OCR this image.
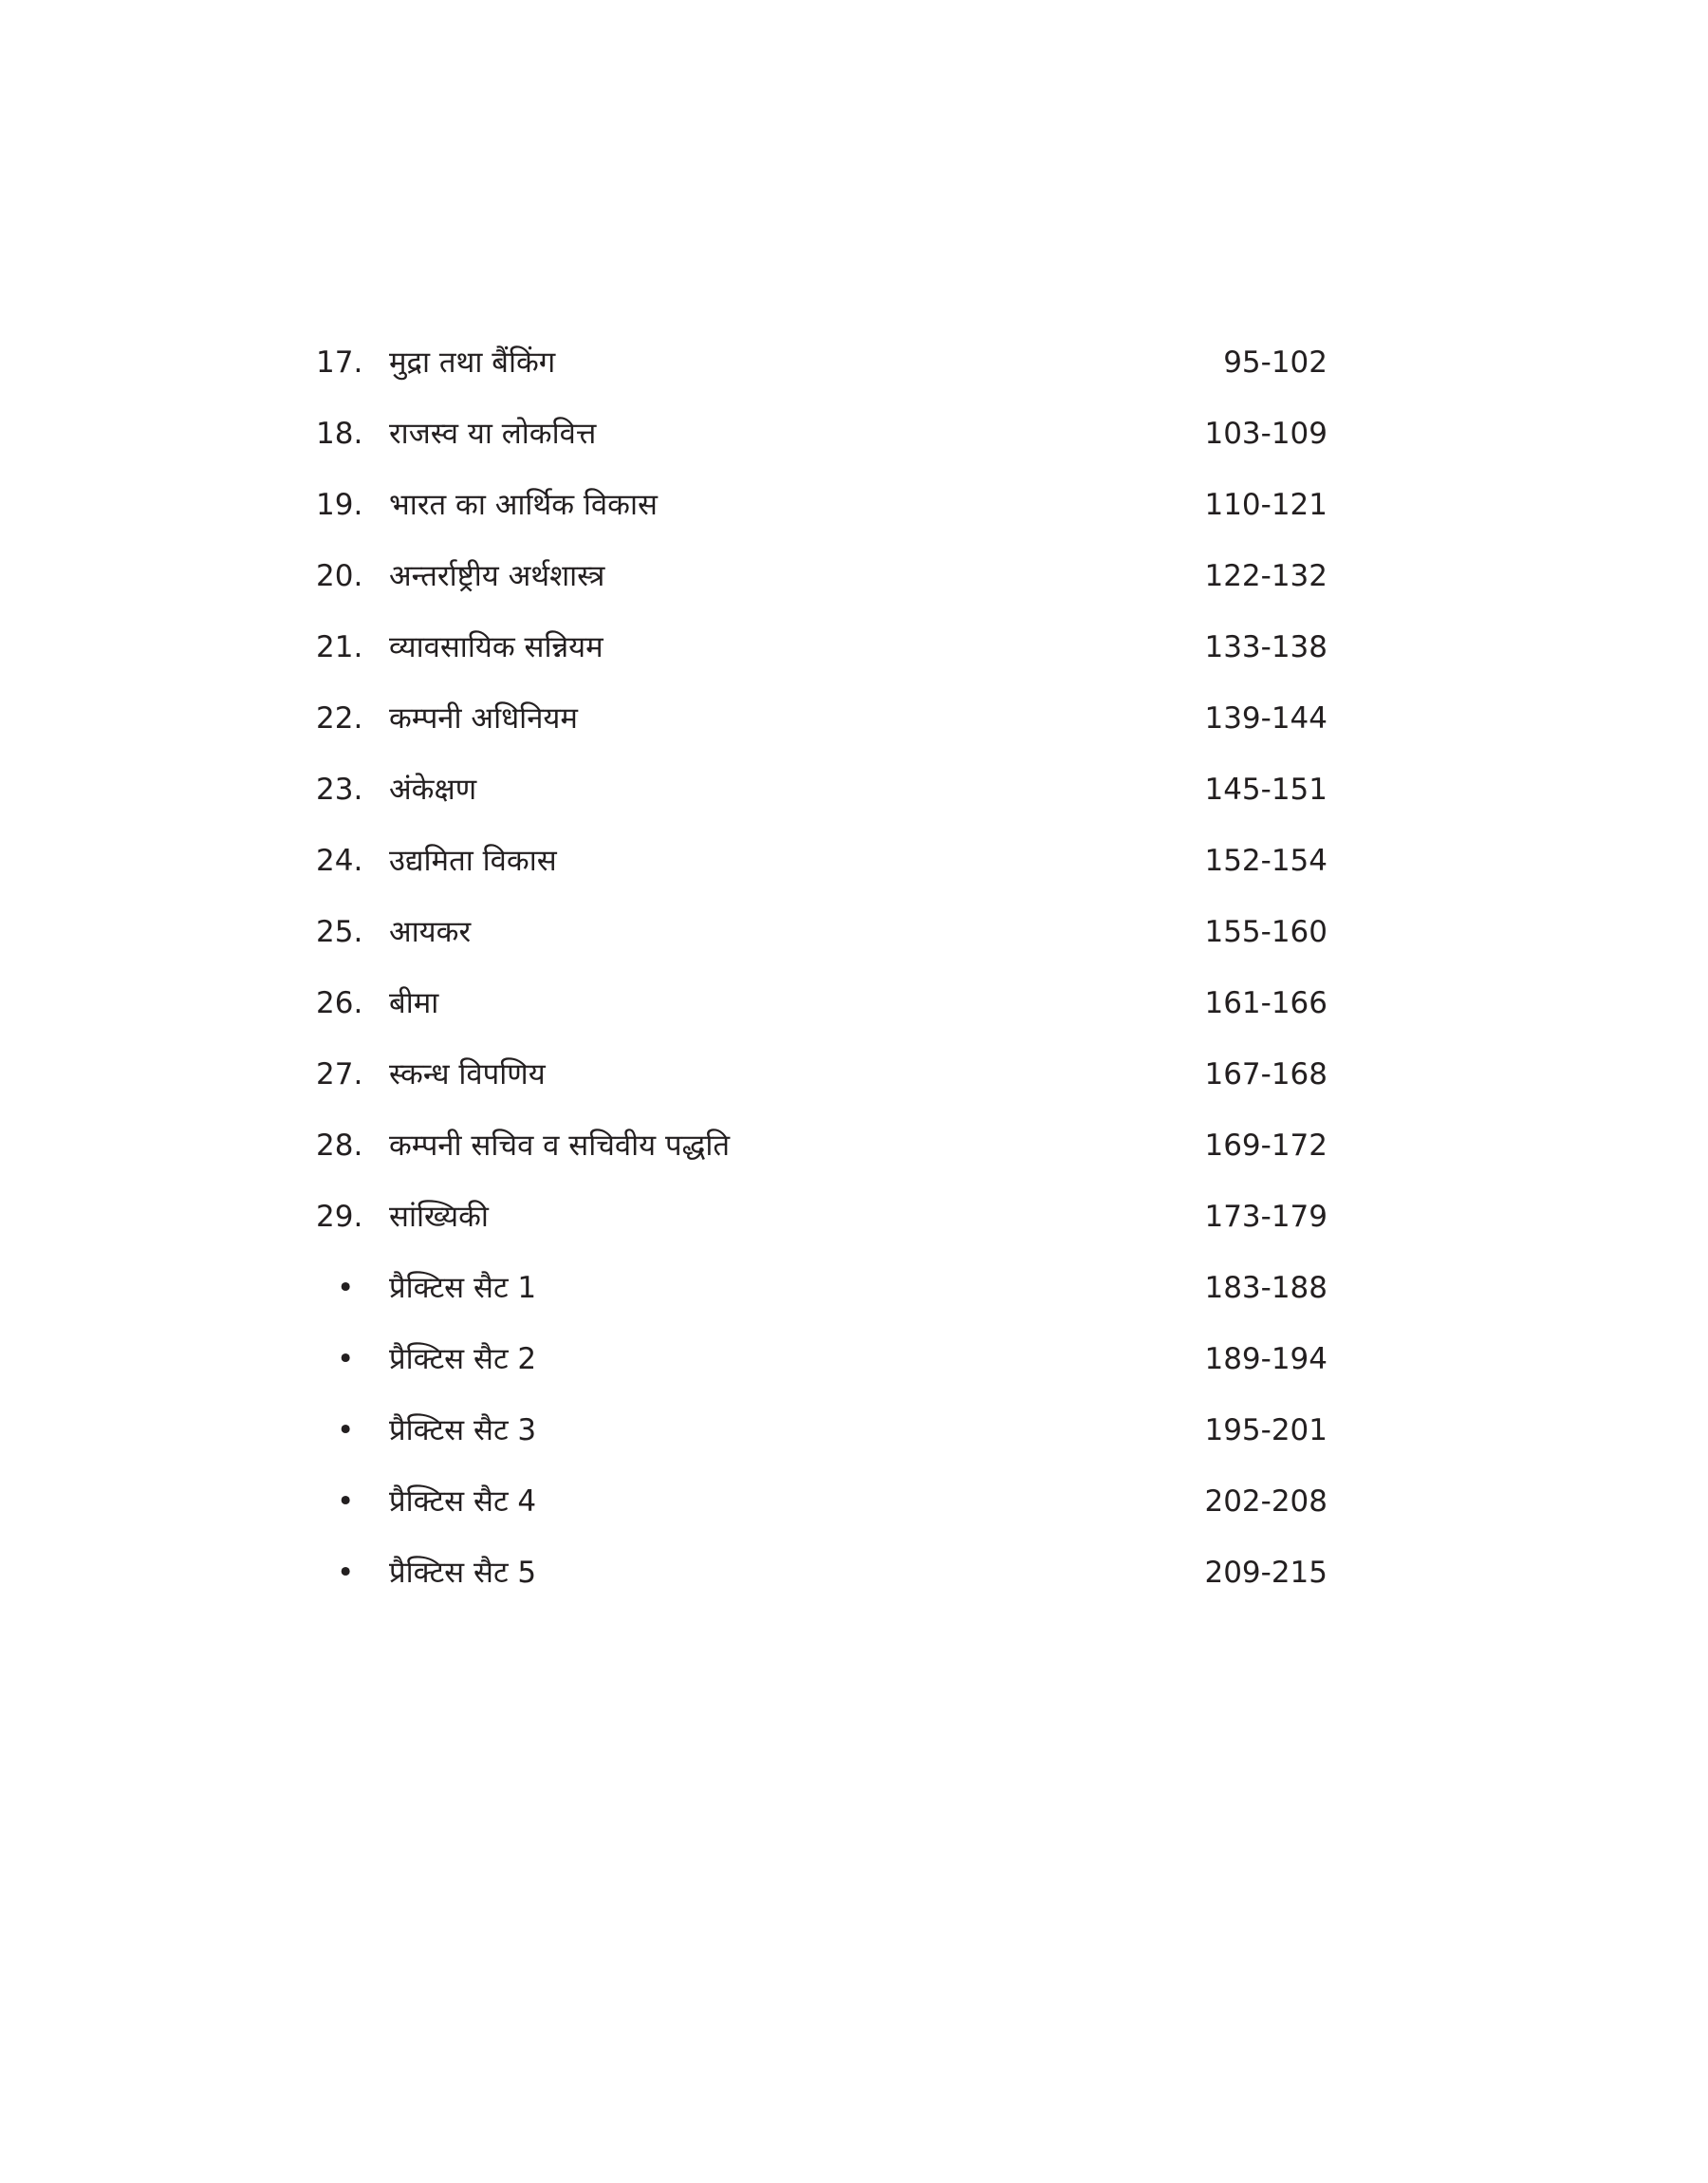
17. मुद्रा तथा बैंकिंग	95-102
18. राजस्व या लोकवित्त	103-109
19. भारत का आर्थिक विकास	110-121
20. अन्तर्राष्ट्रीय अर्थशास्त्र	122-132
21. व्यावसायिक सन्नियम	133-138
22. कम्पनी अधिनियम	139-144
23. अंकेक्षण	145-151
24. उद्यमिता विकास	152-154
25. आयकर	155-160
26. बीमा	161-166
27. स्कन्ध विपणिय	167-168
28. कम्पनी सचिव व सचिवीय पद्धति	169-172
29. सांख्यिकी	173-179
• प्रैक्टिस सैट 1	183-188
• प्रैक्टिस सैट 2	189-194
• प्रैक्टिस सैट 3	195-201
• प्रैक्टिस सैट 4	202-208
• प्रैक्टिस सैट 5	209-215
